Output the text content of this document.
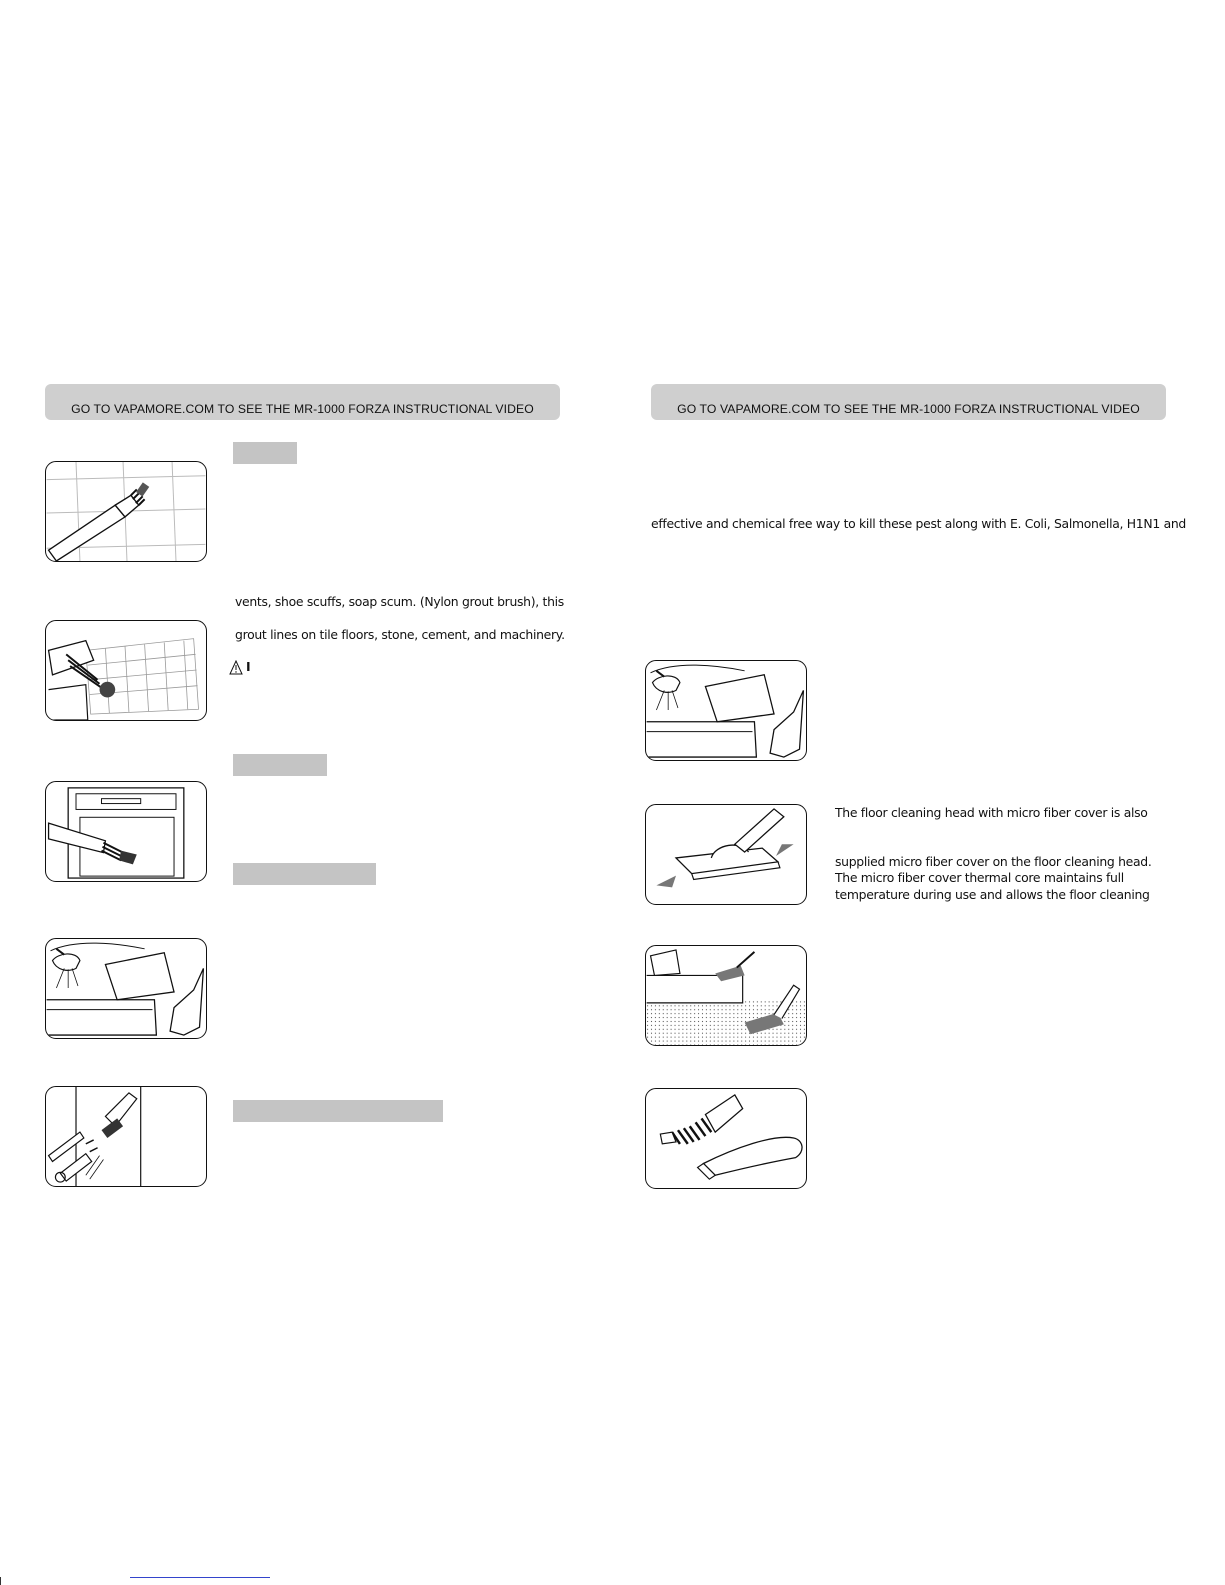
GO TO VAPAMORE.COM TO SEE THE MR-1000 FORZA INSTRUCTIONAL VIDEO	GO TO VAPAMORE.COM TO SEE THE MR-1000 FORZA INSTRUCTIONAL VIDEO
vents, shoe scuffs, soap scum. (Nylon grout brush), this
grout lines on tile floors, stone, cement, and machinery.
I
effective and chemical free way to kill these pest along with E. Coli, Salmonella, H1N1 and
The floor cleaning head with micro fiber cover is also
supplied micro fiber cover on the floor cleaning head.
The micro fiber cover thermal core maintains full
temperature during use and allows the floor cleaning
